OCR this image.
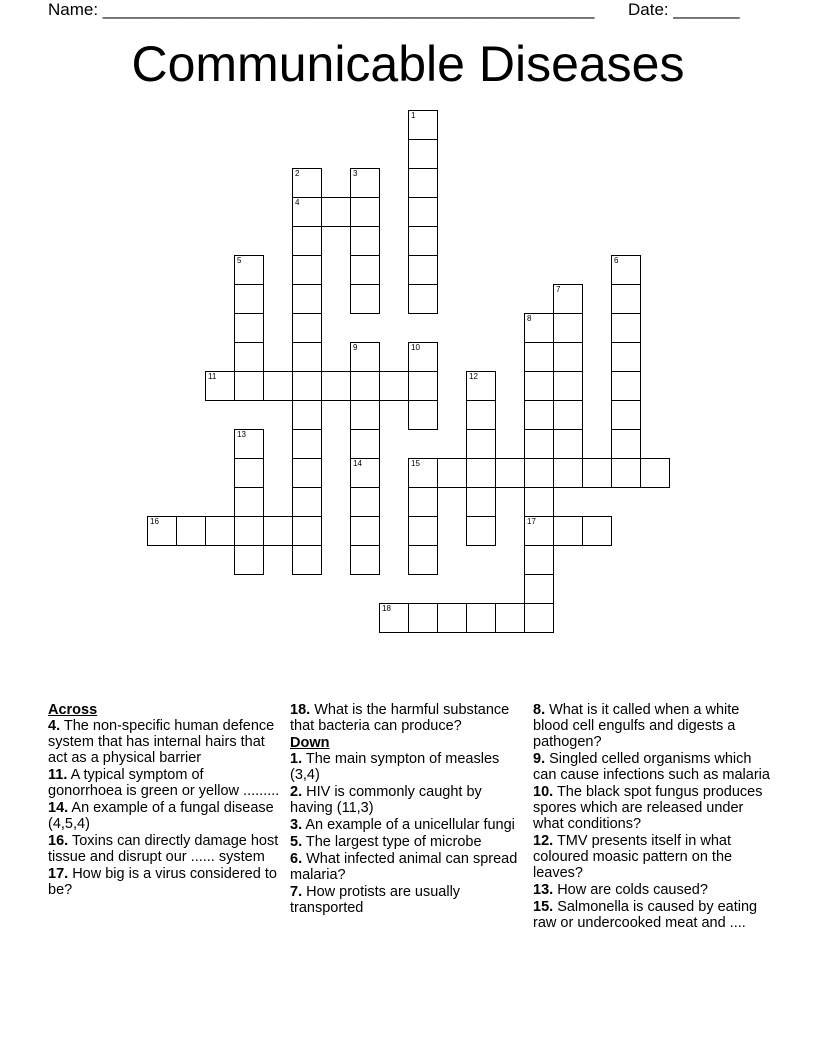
Name: ____________________________________________________ Date: _______
Communicable Diseases
1
2
4
3
5
11
9
14
10
12
8
7
6
13
15
16	17
18
Across
4. The non-specific human defence system that has internal hairs that act as a physical barrier
11. A typical symptom of gonorrhoea is green or yellow .........
14. An example of a fungal disease (4,5,4)
16. Toxins can directly damage host tissue and disrupt our ...... system
17. How big is a virus considered to be?
18. What is the harmful substance that bacteria can produce?
Down
1. The main sympton of measles (3,4)
2. HIV is commonly caught by having (11,3)
3. An example of a unicellular fungi
5. The largest type of microbe
6. What infected animal can spread malaria?
7. How protists are usually transported
8. What is it called when a white blood cell engulfs and digests a pathogen?
9. Singled celled organisms which can cause infections such as malaria
10. The black spot fungus produces spores which are released under what conditions?
12. TMV presents itself in what coloured moasic pattern on the leaves?
13. How are colds caused?
15. Salmonella is caused by eating raw or undercooked meat and ....
